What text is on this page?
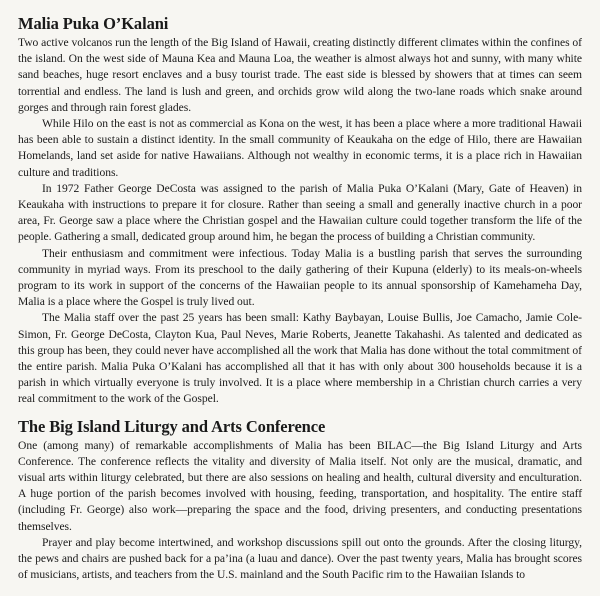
Malia Puka O’Kalani

Two active volcanos run the length of the Big Island of Hawaii, creating distinctly different climates within the confines of the island. On the west side of Mauna Kea and Mauna Loa, the weather is almost always hot and sunny, with many white sand beaches, huge resort enclaves and a busy tourist trade. The east side is blessed by showers that at times can seem torrential and endless. The land is lush and green, and orchids grow wild along the two-lane roads which snake around gorges and through rain forest glades.

While Hilo on the east is not as commercial as Kona on the west, it has been a place where a more traditional Hawaii has been able to sustain a distinct identity. In the small community of Keaukaha on the edge of Hilo, there are Hawaiian Homelands, land set aside for native Hawaiians. Although not wealthy in economic terms, it is a place rich in Hawaiian culture and traditions.

In 1972 Father George DeCosta was assigned to the parish of Malia Puka O’Kalani (Mary, Gate of Heaven) in Keaukaha with instructions to prepare it for closure. Rather than seeing a small and generally inactive church in a poor area, Fr. George saw a place where the Christian gospel and the Hawaiian culture could together transform the life of the people. Gathering a small, dedicated group around him, he began the process of building a Christian community.

Their enthusiasm and commitment were infectious. Today Malia is a bustling parish that serves the surrounding community in myriad ways. From its preschool to the daily gathering of their Kupuna (elderly) to its meals-on-wheels program to its work in support of the concerns of the Hawaiian people to its annual sponsorship of Kamehameha Day, Malia is a place where the Gospel is truly lived out.

The Malia staff over the past 25 years has been small: Kathy Baybayan, Louise Bullis, Joe Camacho, Jamie Cole-Simon, Fr. George DeCosta, Clayton Kua, Paul Neves, Marie Roberts, Jeanette Takahashi. As talented and dedicated as this group has been, they could never have accomplished all the work that Malia has done without the total commitment of the entire parish. Malia Puka O’Kalani has accomplished all that it has with only about 300 households because it is a parish in which virtually everyone is truly involved. It is a place where membership in a Christian church carries a very real commitment to the work of the Gospel.

The Big Island Liturgy and Arts Conference

One (among many) of remarkable accomplishments of Malia has been BILAC—the Big Island Liturgy and Arts Conference. The conference reflects the vitality and diversity of Malia itself. Not only are the musical, dramatic, and visual arts within liturgy celebrated, but there are also sessions on healing and health, cultural diversity and enculturation. A huge portion of the parish becomes involved with housing, feeding, transportation, and hospitality. The entire staff (including Fr. George) also work—preparing the space and the food, driving presenters, and conducting presentations themselves.

Prayer and play become intertwined, and workshop discussions spill out onto the grounds. After the closing liturgy, the pews and chairs are pushed back for a pa’ina (a luau and dance). Over the past twenty years, Malia has brought scores of musicians, artists, and teachers from the U.S. mainland and the South Pacific rim to the Hawaiian Islands to
